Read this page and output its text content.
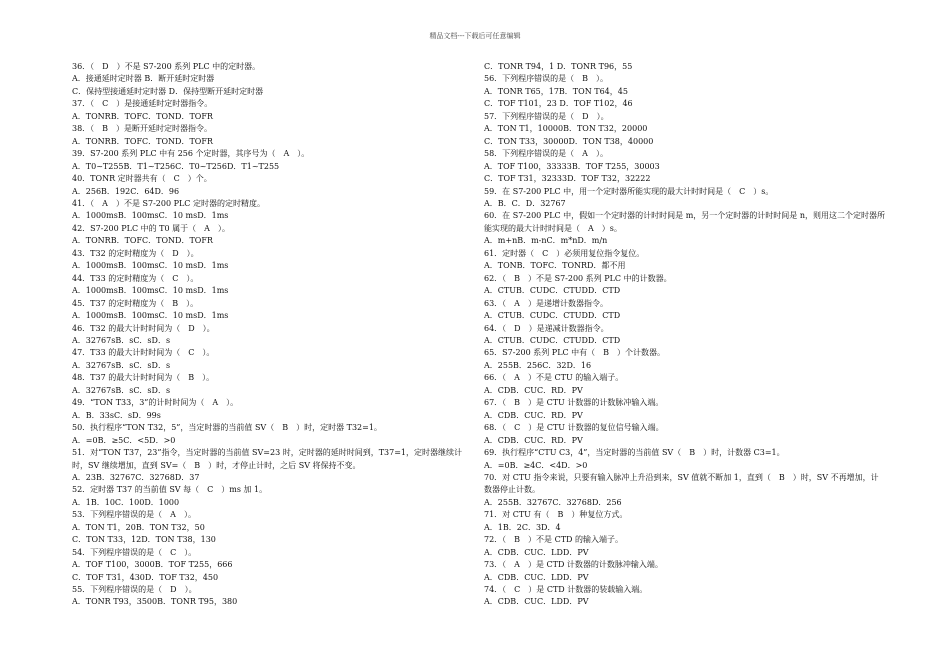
精品文档---下载后可任意编辑
36．（　D　）不是 S7-200 系列 PLC 中的定时器。
A．接通延时定时器 B．断开延时定时器
C．保持型接通延时定时器 D．保持型断开延时定时器
37．（　C　）是接通延时定时器指令。
A．TONRB．TOFC．TOND．TOFR
38．（　B　）是断开延时定时器指令。
A．TONRB．TOFC．TOND．TOFR
39．S7-200 系列 PLC 中有 256 个定时器，其序号为（　A　）。
A．T0~T255B．T1~T256C．T0~T256D．T1~T255
40．TONR 定时器共有（　C　）个。
A．256B．192C．64D．96
41．（　A　）不是 S7-200 PLC 定时器的定时精度。
A．1000msB．100msC．10 msD．1ms
42．S7-200 PLC 中的 T0 属于（　A　）。
A．TONRB．TOFC．TOND．TOFR
43．T32 的定时精度为（　D　）。
A．1000msB．100msC．10 msD．1ms
44．T33 的定时精度为（　C　）。
A．1000msB．100msC．10 msD．1ms
45．T37 的定时精度为（　B　）。
A．1000msB．100msC．10 msD．1ms
46．T32 的最大计时时间为（　D　）。
A．32767sB．sC．sD．s
47．T33 的最大计时时间为（　C　）。
A．32767sB．sC．sD．s
48．T37 的最大计时时间为（　B　）。
A．32767sB．sC．sD．s
49．“TON T33，3”的计时时间为（　A　）。
A．B．33sC．sD．99s
50．执行程序“TON T32，5”，当定时器的当前值 SV（　B　）时，定时器 T32=1。
A．=0B．≥5C．<5D．>0
51．对“TON T37，23”指令，当定时器的当前值 SV=23 时，定时器的延时时间到，T37=1，定时器继续计时，SV 继续增加，直到 SV=（　B　）时，才停止计时，之后 SV 将保持不变。
A．23B．32767C．32768D．37
52．定时器 T37 的当前值 SV 每（　C　）ms 加 1。
A．1B．10C．100D．1000
53．下列程序错误的是（　A　）。
A．TON T1，20B．TON T32，50
C．TON T33，12D．TON T38，130
54．下列程序错误的是（　C　）。
A．TOF T100，3000B．TOF T255，666
C．TOF T31，430D．TOF T32，450
55．下列程序错误的是（　D　）。
A．TONR T93，3500B．TONR T95，380
C．TONR T94，1 D．TONR T96，55
56．下列程序错误的是（　B　）。
A．TONR T65，17B．TON T64，45
C．TOF T101，23 D．TOF T102，46
57．下列程序错误的是（　D　）。
A．TON T1，10000B．TON T32，20000
C．TON T33，30000D．TON T38，40000
58．下列程序错误的是（　A　）。
A．TOF T100，33333B．TOF T255，30003
C．TOF T31，32333D．TOF T32，32222
59．在 S7-200 PLC 中，用一个定时器所能实现的最大计时时间是（　C　）s。
A．B．C．D．32767
60．在 S7-200 PLC 中，假如一个定时器的计时时间是 m，另一个定时器的计时时间是 n，则用这二个定时器所能实现的最大计时时间是（　A　）s。
A．m+nB．m-nC．m*nD．m/n
61．定时器（　C　）必须用复位指令复位。
A．TONB．TOFC．TONRD．都不用
62．（　B　）不是 S7-200 系列 PLC 中的计数器。
A．CTUB．CUDC．CTUDD．CTD
63．（　A　）是递增计数器指令。
A．CTUB．CUDC．CTUDD．CTD
64．（　D　）是递减计数器指令。
A．CTUB．CUDC．CTUDD．CTD
65．S7-200 系列 PLC 中有（　B　）个计数器。
A．255B．256C．32D．16
66．（　A　）不是 CTU 的输入端子。
A．CDB．CUC．RD．PV
67．（　B　）是 CTU 计数器的计数脉冲输入端。
A．CDB．CUC．RD．PV
68．（　C　）是 CTU 计数器的复位信号输入端。
A．CDB．CUC．RD．PV
69．执行程序“CTU C3，4”，当定时器的当前值 SV（　B　）时，计数器 C3=1。
A．=0B．≥4C．<4D．>0
70．对 CTU 指令来说，只要有输入脉冲上升沿到来，SV 值就不断加 1，直到（　B　）时，SV 不再增加，计数器停止计数。
A．255B．32767C．32768D．256
71．对 CTU 有（　B　）种复位方式。
A．1B．2C．3D．4
72．（　B　）不是 CTD 的输入端子。
A．CDB．CUC．LDD．PV
73．（　A　）是 CTD 计数器的计数脉冲输入端。
A．CDB．CUC．LDD．PV
74．（　C　）是 CTD 计数器的装载输入端。
A．CDB．CUC．LDD．PV
